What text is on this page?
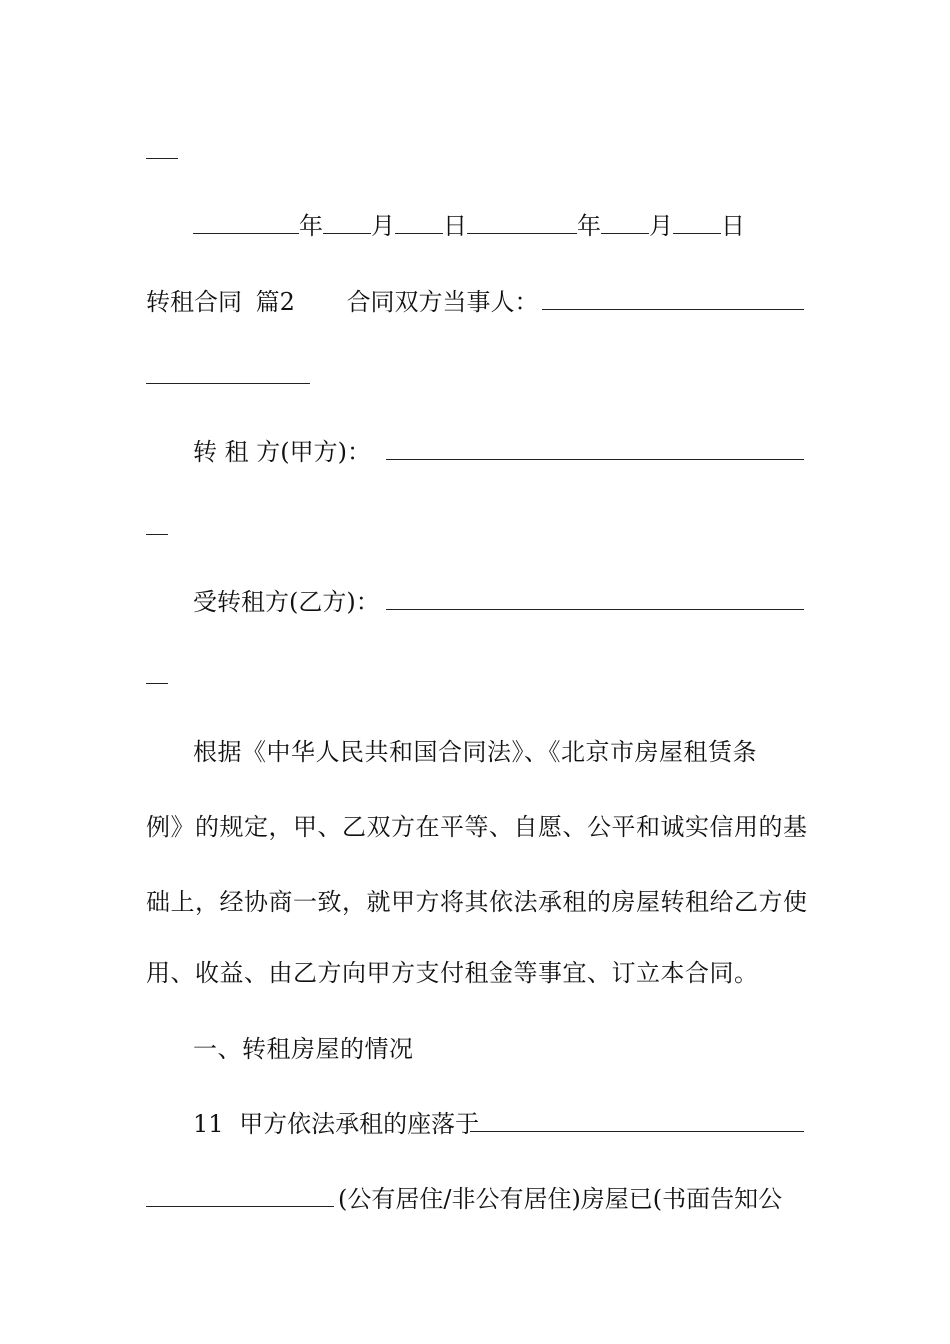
年 月 日	年 月 日
转租合同 篇2 合同双方当事人：
转 租 方(甲方)：
受转租方(乙方)：
根据《中华人民共和国合同法》、《北京市房屋租赁条
例》的规定，甲、乙双方在平等、自愿、公平和诚实信用的基
础上，经协商一致，就甲方将其依法承租的房屋转租给乙方使
用、收益、由乙方向甲方支付租金等事宜、订立本合同。
一、转租房屋的情况
11 甲方依法承租的座落于
(公有居住/非公有居住)房屋已(书面告知公
